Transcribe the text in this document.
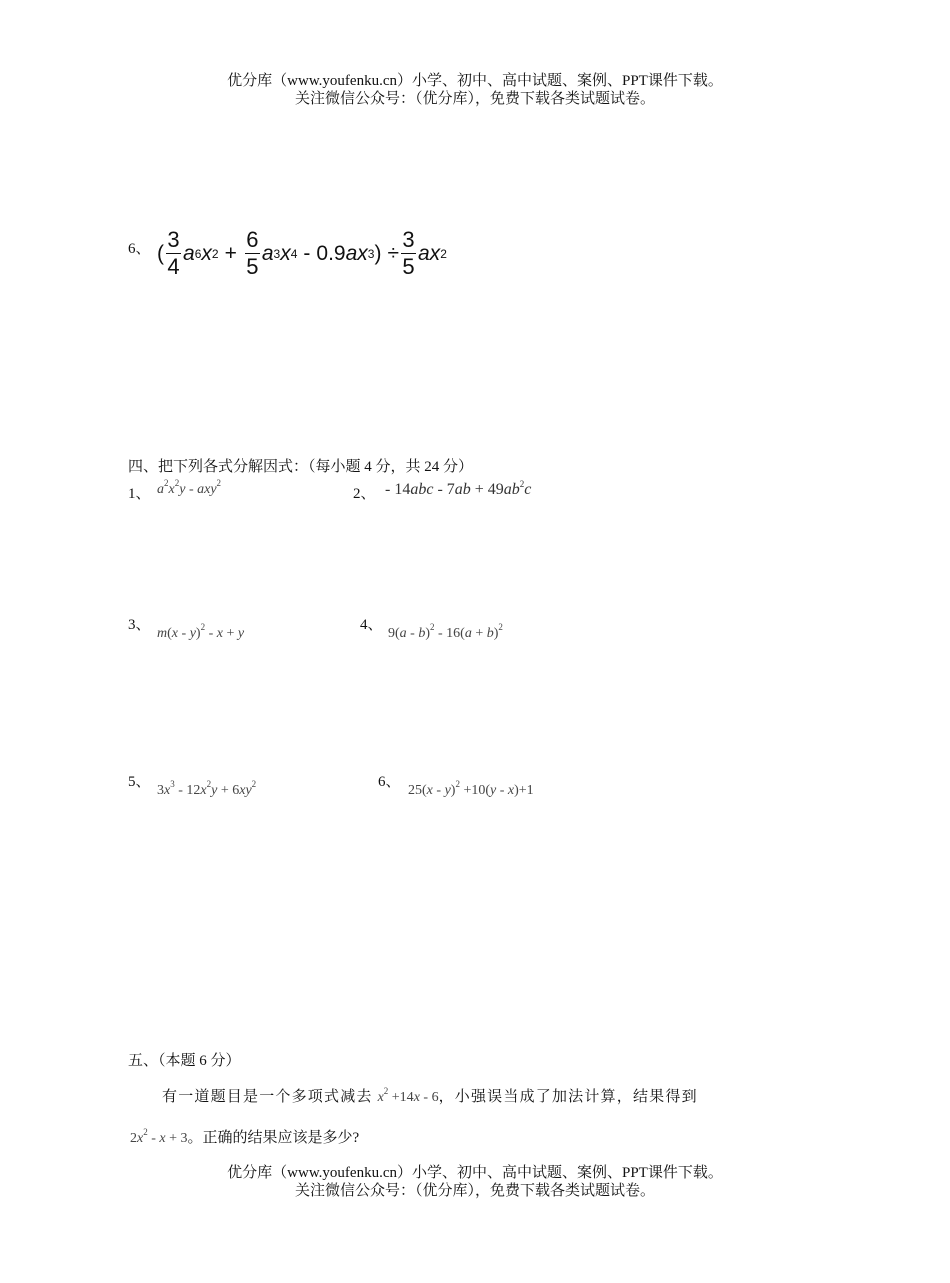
优分库（www.youfenku.cn）小学、初中、高中试题、案例、PPT课件下载。
关注微信公众号：（优分库），免费下载各类试题试卷。
6、 ( $\frac{3}{4}$ a 6 x $2 + \frac{6}{5}$ a 3 x 4 - 0.9 ax 3 ) ÷ $\frac{3}{5}$ ax 2
四、把下列各式分解因式：（每小题 4 分，共 24 分）
1、 $a^2x^2y - axy^2$
2、 - $14abc - 7ab + 49ab^2c$
3、
m(x - y)$^2$ - x + y
4、
$9(a - b)^2 - 16(a + b)^2$
5、
$3x^3 - 12x^2y + 6xy^2$	6、
25(x - y)$^2$ +10(y - x)+1
五、（本题 6 分）
有一道题目是一个多项式减去 $x^2 +14x - 6$，小强误当成了加法计算，结果得到
$2x^2 - x + 3$。正确的结果应该是多少?
优分库（www.youfenku.cn）小学、初中、高中试题、案例、PPT课件下载。
关注微信公众号：（优分库），免费下载各类试题试卷。
